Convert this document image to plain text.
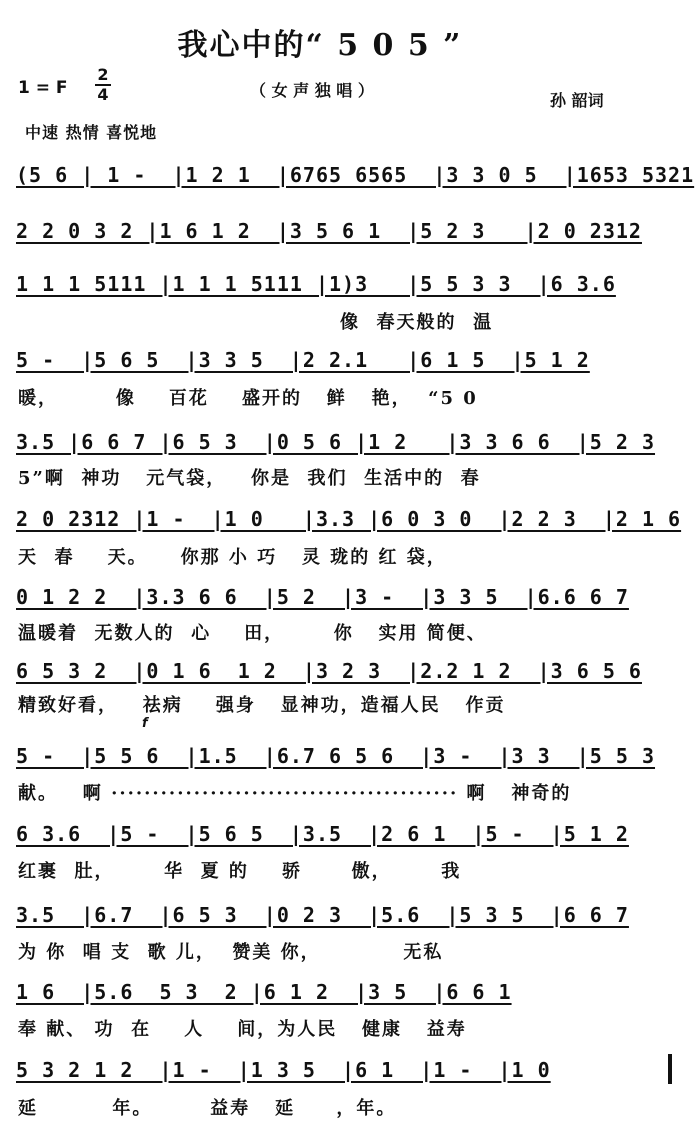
我心中的“ 5 0 5 ”
1 = F
2
4	（ 女 声 独 唱 ）
孙 韶词
中速 热情 喜悦地
(5 6 | 1 -  |1 2 1  |6765 6565  |3 3 0 5  |1653 5321
2 2 0 3 2 |1 6 1 2  |3 5 6 1  |5 2 3   |2 0 2312
1 1 1 5111 |1 1 1 5111 |1)3   |5 5 3 3  |6 3.6
像  春天般的  温
5 -  |5 6 5  |3 3 5  |2 2.1   |6 1 5  |5 1 2
暖，       像    百花    盛开的   鲜   艳，  “5 0
3.5 |6 6 7 |6 5 3  |0 5 6 |1 2   |3 3 6 6  |5 2 3
5”啊  神功   元气袋，   你是  我们  生活中的  春
2 0 2312 |1 -  |1 0   |3.3 |6 0 3 0  |2 2 3  |2 1 6
天  春    天。    你那 小 巧   灵 珑的 红 袋，
0 1 2 2  |3.3 6 6  |5 2  |3 -  |3 3 5  |6.6 6 7
温暖着  无数人的  心    田，      你   实用 简便、
6 5 3 2  |0 1 6  1 2  |3 2 3  |2.2 1 2  |3 6 5 6
精致好看，   祛病    强身   显神功，造福人民   作贡
f
5 -  |5 5 6  |1.5  |6.7 6 5 6  |3 -  |3 3  |5 5 3
献。   啊 ·········································· 啊   神奇的
6 3.6  |5 -  |5 6 5  |3.5  |2 6 1  |5 -  |5 1 2
红裹  肚，      华  夏 的    骄      傲，      我
3.5  |6.7  |6 5 3  |0 2 3  |5.6  |5 3 5  |6 6 7
为 你  唱 支  歌 儿，  赞美 你，          无私
1 6  |5.6  5 3  2 |6 1 2  |3 5  |6 6 1
奉 献、 功  在    人    间，为人民   健康   益寿
5 3 2 1 2  |1 -  |1 3 5  |6 1  |1 -  |1 0
延         年。       益寿   延     ，年。
